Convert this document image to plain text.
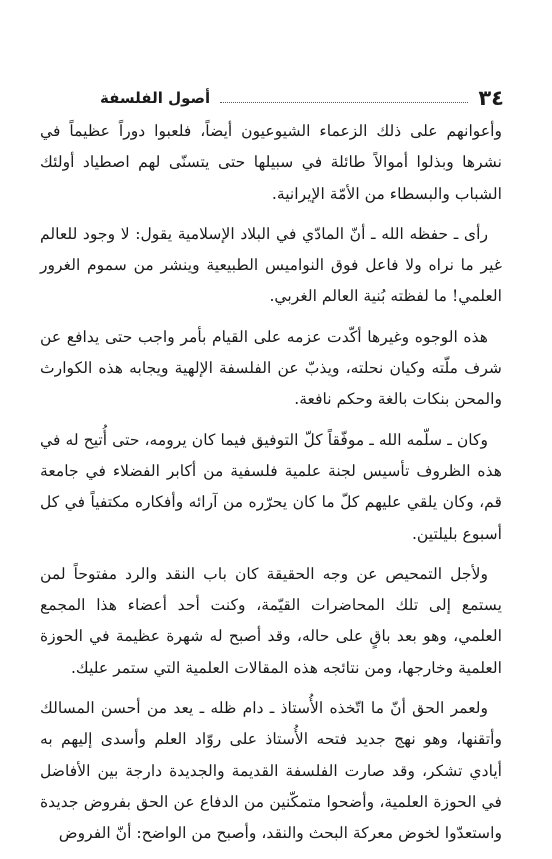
٣٤
أصول الفلسفة

وأعوانهم على ذلك الزعماء الشيوعيون أيضاً، فلعبوا دوراً عظيماً في نشرها وبذلوا أموالاً طائلة في سبيلها حتى يتسنّى لهم اصطياد أولئك الشباب والبسطاء من الأمّة الإيرانية.

رأى ـ حفظه الله ـ أنّ المادّي في البلاد الإسلامية يقول: لا وجود للعالم غير ما نراه ولا فاعل فوق النواميس الطبيعية وينشر من سموم الغرور العلمي! ما لفظته بُنية العالم الغربي.

هذه الوجوه وغيرها أكّدت عزمه على القيام بأمر واجب حتى يدافع عن شرف ملّته وكيان نحلته، ويذبّ عن الفلسفة الإلهية ويجابه هذه الكوارث والمحن بنكات بالغة وحكم نافعة.

وكان ـ سلّمه الله ـ موفّقاً كلّ التوفيق فيما كان يرومه، حتى أُتيح له في هذه الظروف تأسيس لجنة علمية فلسفية من أكابر الفضلاء في جامعة قم، وكان يلقي عليهم كلّ ما كان يحرّره من آرائه وأفكاره مكتفياً في كل أسبوع بليلتين.

ولأجل التمحيص عن وجه الحقيقة كان باب النقد والرد مفتوحاً لمن يستمع إلى تلك المحاضرات القيّمة، وكنت أحد أعضاء هذا المجمع العلمي، وهو بعد باقٍ على حاله، وقد أصبح له شهرة عظيمة في الحوزة العلمية وخارجها، ومن نتائجه هذه المقالات العلمية التي ستمر عليك.

ولعمر الحق أنّ ما اتّخذه الأُستاذ ـ دام ظله ـ يعد من أحسن المسالك وأتقنها، وهو نهج جديد فتحه الأُستاذ على روّاد العلم وأسدى إليهم به أيادي تشكر، وقد صارت الفلسفة القديمة والجديدة دارجة بين الأفاضل في الحوزة العلمية، وأضحوا متمكّنين من الدفاع عن الحق بفروض جديدة واستعدّوا لخوض معركة البحث والنقد، وأصبح من الواضح: أنّ الفروض
